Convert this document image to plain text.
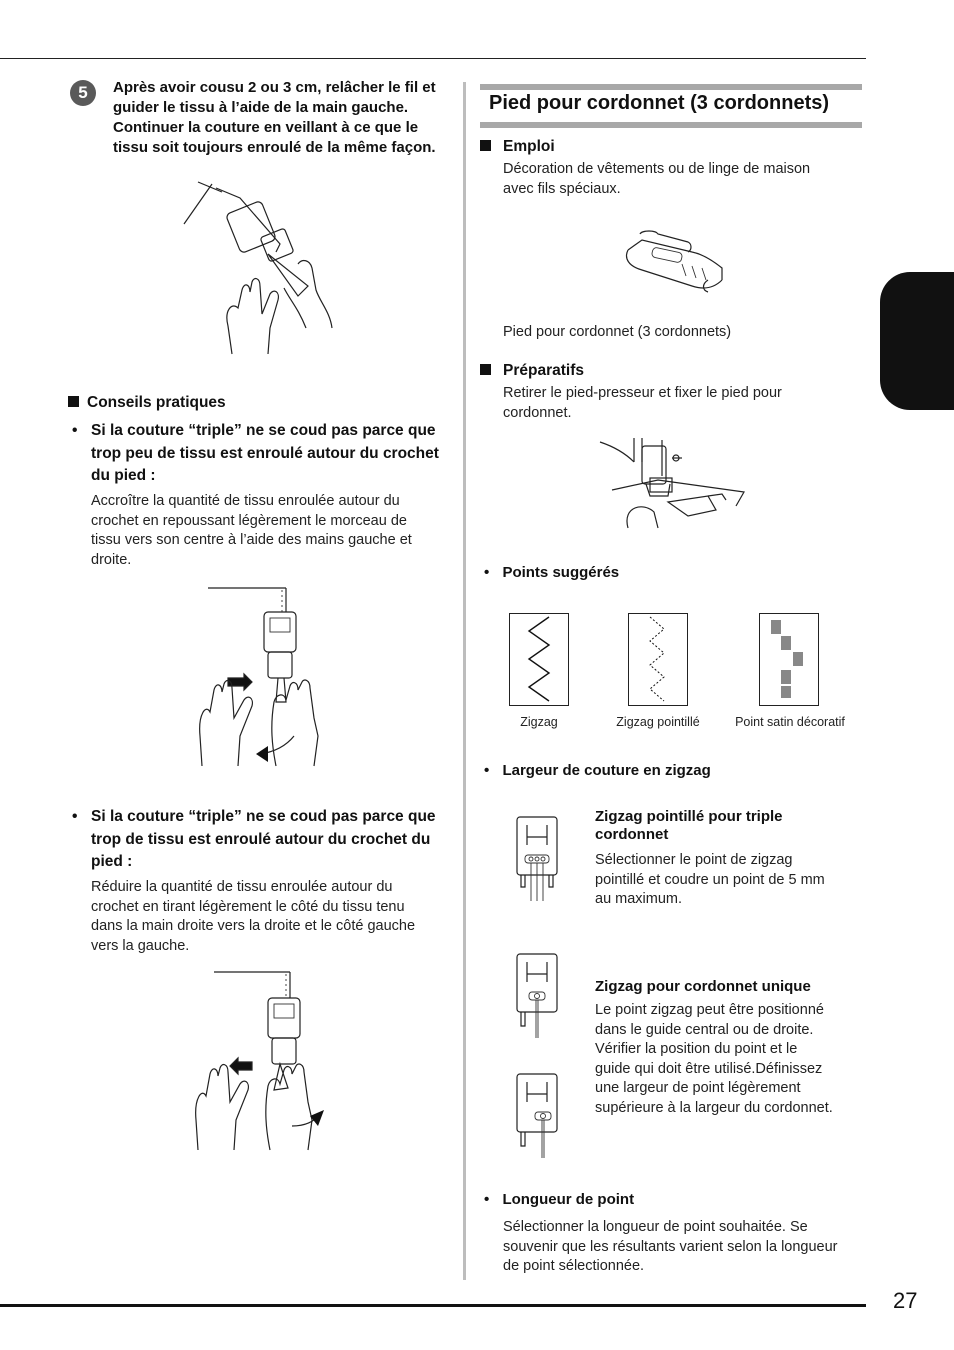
27
5	Après avoir cousu 2 ou 3 cm, relâcher le fil et
guider le tissu à l’aide de la main gauche.
Continuer la couture en veillant à ce que le
tissu soit toujours enroulé de la même façon.
Conseils pratiques
• Si la couture “triple” ne se coud pas parce que
trop peu de tissu est enroulé autour du crochet
du pied :
Accroître la quantité de tissu enroulée autour du
crochet en repoussant légèrement le morceau de
tissu vers son centre à l’aide des mains gauche et
droite.
• Si la couture “triple” ne se coud pas parce que
trop de tissu est enroulé autour du crochet du
pied :
Réduire la quantité de tissu enroulée autour du
crochet en tirant légèrement le côté du tissu tenu
dans la main droite vers la droite et le côté gauche
vers la gauche.
Pied pour cordonnet (3 cordonnets)
Emploi
Décoration de vêtements ou de linge de maison
avec fils spéciaux.
Pied pour cordonnet (3 cordonnets)
Préparatifs
Retirer le pied-presseur et fixer le pied pour
cordonnet.
• Points suggérés
Zigzag	Zigzag pointillé	Point satin décoratif
• Largeur de couture en zigzag
Zigzag pointillé pour triple
cordonnet
Sélectionner le point de zigzag
pointillé et coudre un point de 5 mm
au maximum.
Zigzag pour cordonnet unique
Le point zigzag peut être positionné
dans le guide central ou de droite.
Vérifier la position du point et le
guide qui doit être utilisé.Définissez
une largeur de point légèrement
supérieure à la largeur du cordonnet.
• Longueur de point
Sélectionner la longueur de point souhaitée. Se
souvenir que les résultants varient selon la longueur
de point sélectionnée.
